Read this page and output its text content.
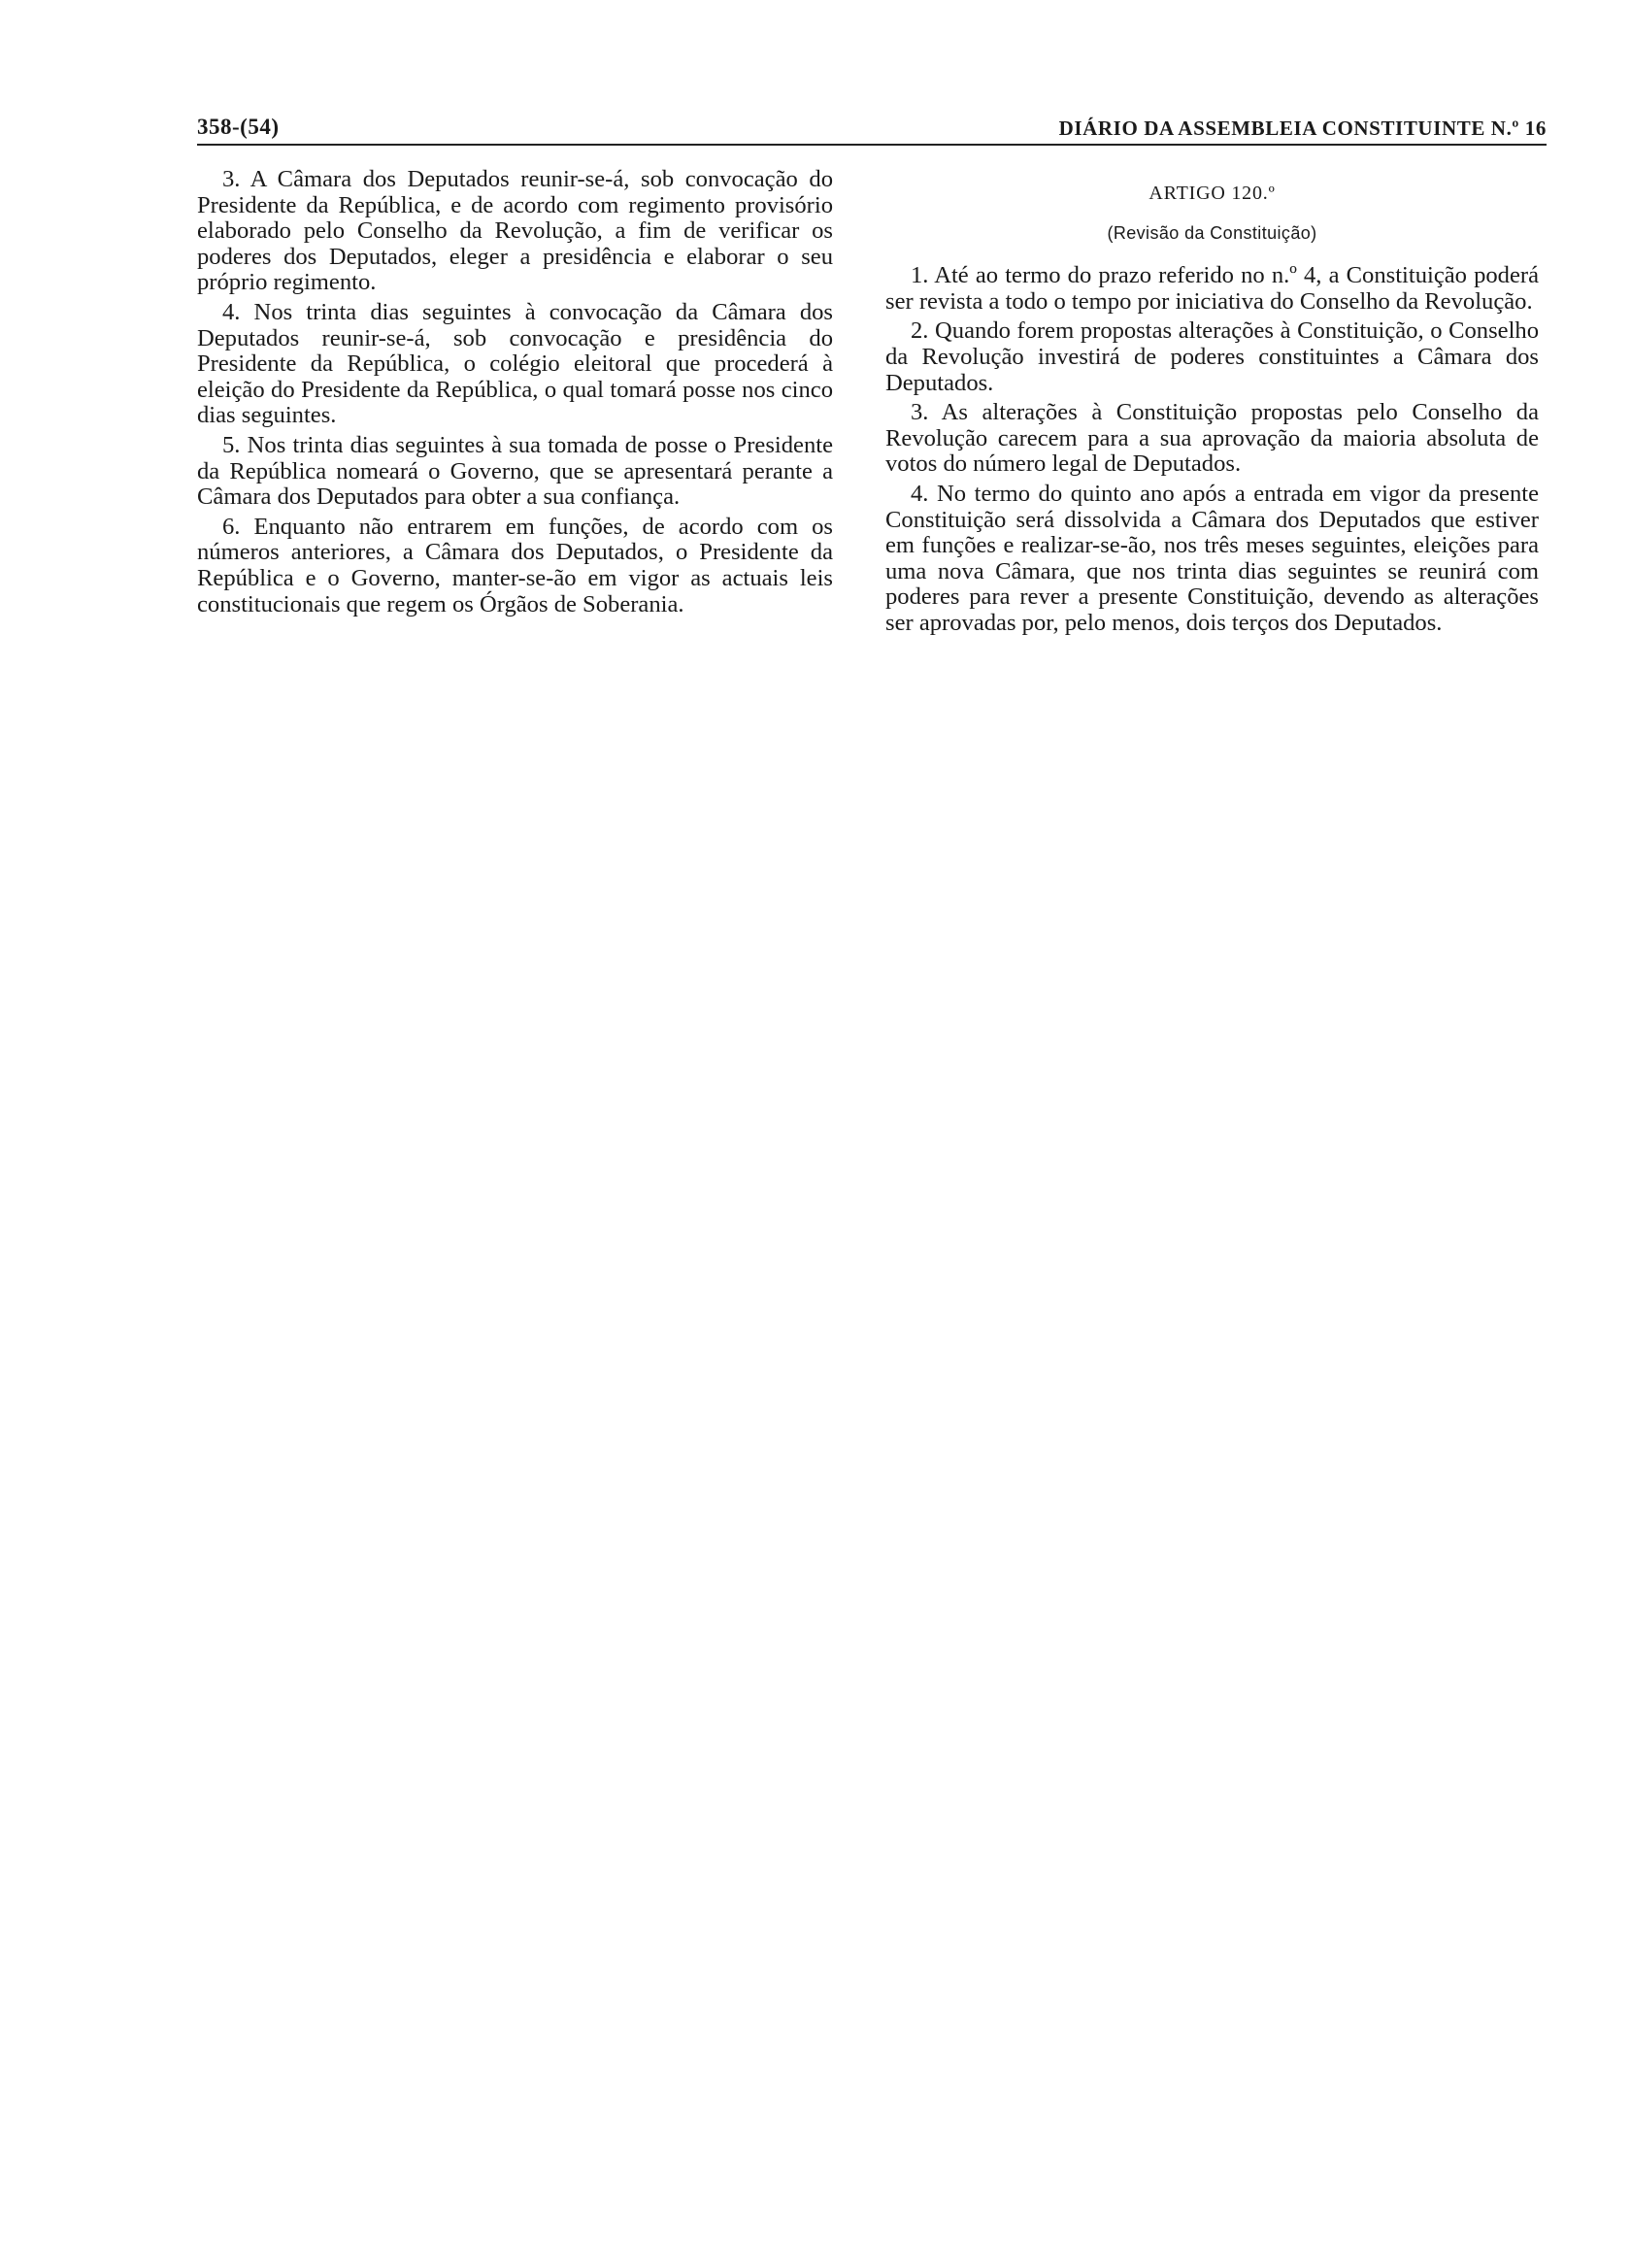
358-(54)	DIÁRIO DA ASSEMBLEIA CONSTITUINTE N.º 16

3. A Câmara dos Deputados reunir-se-á, sob convocação do Presidente da República, e de acordo com regimento provisório elaborado pelo Conselho da Revolução, a fim de verificar os poderes dos Deputados, eleger a presidência e elaborar o seu próprio regimento.

4. Nos trinta dias seguintes à convocação da Câmara dos Deputados reunir-se-á, sob convocação e presidência do Presidente da República, o colégio eleitoral que procederá à eleição do Presidente da República, o qual tomará posse nos cinco dias seguintes.

5. Nos trinta dias seguintes à sua tomada de posse o Presidente da República nomeará o Governo, que se apresentará perante a Câmara dos Deputados para obter a sua confiança.

6. Enquanto não entrarem em funções, de acordo com os números anteriores, a Câmara dos Deputados, o Presidente da República e o Governo, manter-se-ão em vigor as actuais leis constitucionais que regem os Órgãos de Soberania.

ARTIGO 120.º
(Revisão da Constituição)

1. Até ao termo do prazo referido no n.º 4, a Constituição poderá ser revista a todo o tempo por iniciativa do Conselho da Revolução.

2. Quando forem propostas alterações à Constituição, o Conselho da Revolução investirá de poderes constituintes a Câmara dos Deputados.

3. As alterações à Constituição propostas pelo Conselho da Revolução carecem para a sua aprovação da maioria absoluta de votos do número legal de Deputados.

4. No termo do quinto ano após a entrada em vigor da presente Constituição será dissolvida a Câmara dos Deputados que estiver em funções e realizar-se-ão, nos três meses seguintes, eleições para uma nova Câmara, que nos trinta dias seguintes se reunirá com poderes para rever a presente Constituição, devendo as alterações ser aprovadas por, pelo menos, dois terços dos Deputados.
